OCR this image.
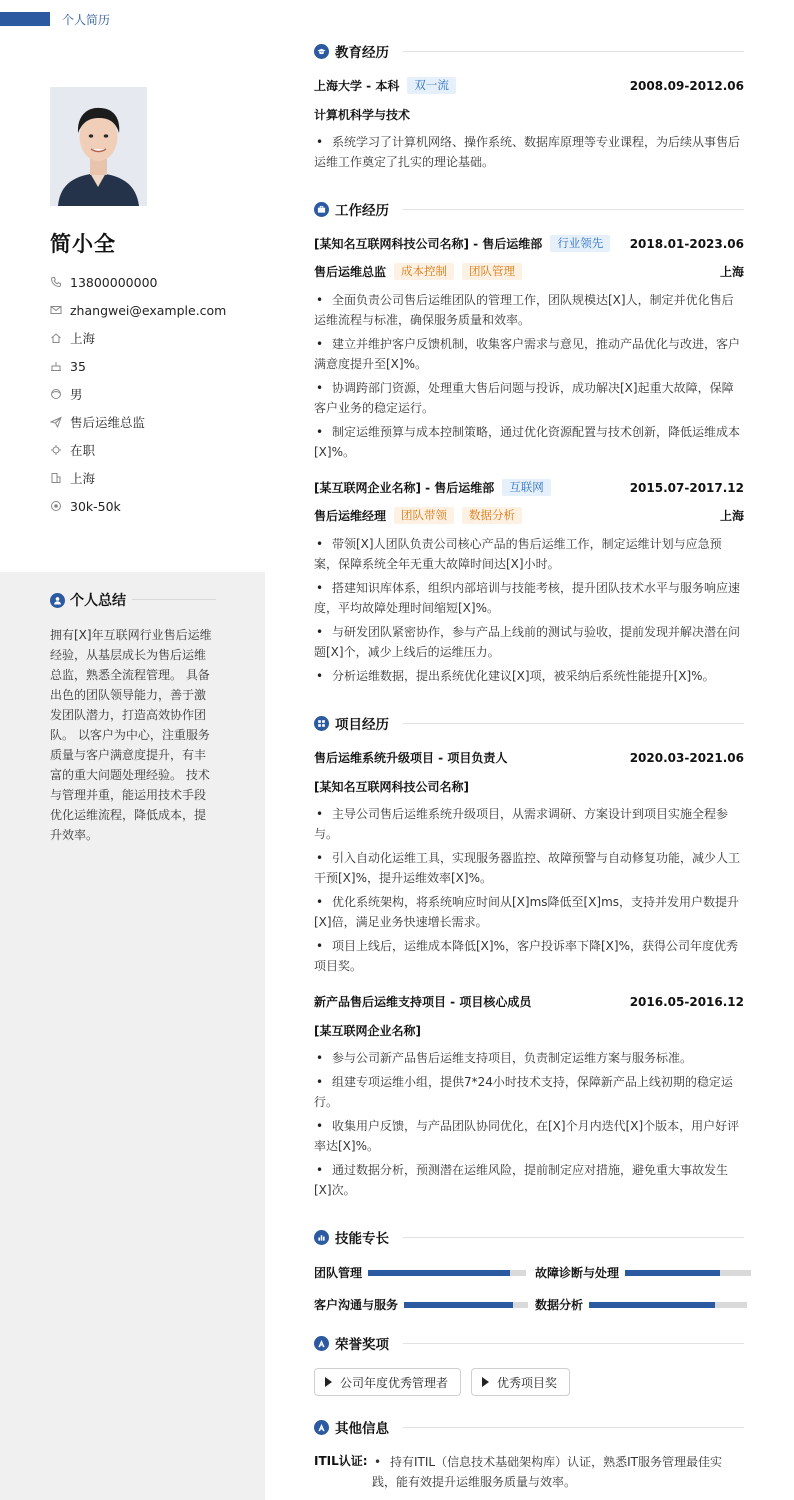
个人简历
简小全
13800000000
zhangwei@example.com
上海
35
男
售后运维总监
在职
上海
30k-50k
个人总结
拥有[X]年互联网行业售后运维经验，从基层成长为售后运维总监，熟悉全流程管理。 具备出色的团队领导能力，善于激发团队潜力，打造高效协作团队。 以客户为中心，注重服务质量与客户满意度提升，有丰富的重大问题处理经验。 技术与管理并重，能运用技术手段优化运维流程，降低成本，提升效率。
教育经历
上海大学 - 本科	双一流	2008.09-2012.06
计算机科学与技术
• 系统学习了计算机网络、操作系统、数据库原理等专业课程，为后续从事售后运维工作奠定了扎实的理论基础。
工作经历
[某知名互联网科技公司名称] - 售后运维部	行业领先	2018.01-2023.06
售后运维总监	成本控制	团队管理	上海
• 全面负责公司售后运维团队的管理工作，团队规模达[X]人，制定并优化售后运维流程与标准，确保服务质量和效率。
• 建立并维护客户反馈机制，收集客户需求与意见，推动产品优化与改进，客户满意度提升至[X]%。
• 协调跨部门资源，处理重大售后问题与投诉，成功解决[X]起重大故障，保障客户业务的稳定运行。
• 制定运维预算与成本控制策略，通过优化资源配置与技术创新，降低运维成本[X]%。
[某互联网企业名称] - 售后运维部	互联网	2015.07-2017.12
售后运维经理	团队带领	数据分析	上海
• 带领[X]人团队负责公司核心产品的售后运维工作，制定运维计划与应急预案，保障系统全年无重大故障时间达[X]小时。
• 搭建知识库体系，组织内部培训与技能考核，提升团队技术水平与服务响应速度，平均故障处理时间缩短[X]%。
• 与研发团队紧密协作，参与产品上线前的测试与验收，提前发现并解决潜在问题[X]个，减少上线后的运维压力。
• 分析运维数据，提出系统优化建议[X]项，被采纳后系统性能提升[X]%。
项目经历
售后运维系统升级项目 - 项目负责人	2020.03-2021.06
[某知名互联网科技公司名称]
• 主导公司售后运维系统升级项目，从需求调研、方案设计到项目实施全程参与。
• 引入自动化运维工具，实现服务器监控、故障预警与自动修复功能，减少人工干预[X]%，提升运维效率[X]%。
• 优化系统架构，将系统响应时间从[X]ms降低至[X]ms，支持并发用户数提升[X]倍，满足业务快速增长需求。
• 项目上线后，运维成本降低[X]%，客户投诉率下降[X]%，获得公司年度优秀项目奖。
新产品售后运维支持项目 - 项目核心成员	2016.05-2016.12
[某互联网企业名称]
• 参与公司新产品售后运维支持项目，负责制定运维方案与服务标准。
• 组建专项运维小组，提供7*24小时技术支持，保障新产品上线初期的稳定运行。
• 收集用户反馈，与产品团队协同优化，在[X]个月内迭代[X]个版本，用户好评率达[X]%。
• 通过数据分析，预测潜在运维风险，提前制定应对措施，避免重大事故发生[X]次。
技能专长
团队管理	故障诊断与处理
客户沟通与服务	数据分析
荣誉奖项
公司年度优秀管理者	优秀项目奖
其他信息
ITIL认证: • 持有ITIL（信息技术基础架构库）认证，熟悉IT服务管理最佳实践，能有效提升运维服务质量与效率。
